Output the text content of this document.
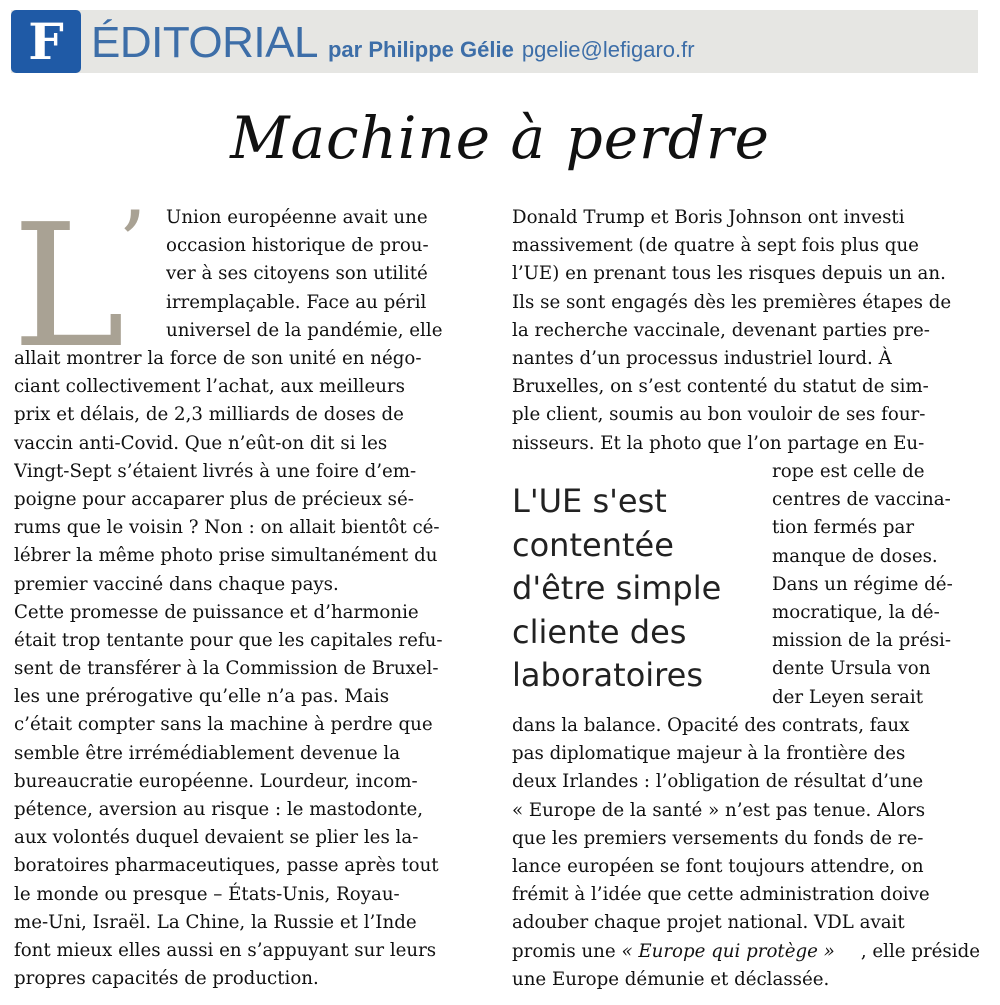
F ÉDITORIAL par Philippe Gélie pgelie@lefigaro.fr
Machine à perdre
L
’ Union européenne avait une
occasion historique de prou-
ver à ses citoyens son utilité
irremplaçable. Face au péril
universel de la pandémie, elle
allait montrer la force de son unité en négo-
ciant collectivement l’achat, aux meilleurs
prix et délais, de 2,3 milliards de doses de
vaccin anti-Covid. Que n’eût-on dit si les
Vingt-Sept s’étaient livrés à une foire d’em-
poigne pour accaparer plus de précieux sé-
rums que le voisin ? Non : on allait bientôt cé-
lébrer la même photo prise simultanément du
premier vacciné dans chaque pays.
Cette promesse de puissance et d’harmonie
était trop tentante pour que les capitales refu-
sent de transférer à la Commission de Bruxel-
les une prérogative qu’elle n’a pas. Mais
c’était compter sans la machine à perdre que
semble être irrémédiablement devenue la
bureaucratie européenne. Lourdeur, incom-
pétence, aversion au risque : le mastodonte,
aux volontés duquel devaient se plier les la-
boratoires pharmaceutiques, passe après tout
le monde ou presque – États-Unis, Royau-
me-Uni, Israël. La Chine, la Russie et l’Inde
font mieux elles aussi en s’appuyant sur leurs
propres capacités de production.
Donald Trump et Boris Johnson ont investi
massivement (de quatre à sept fois plus que
l’UE) en prenant tous les risques depuis un an.
Ils se sont engagés dès les premières étapes de
la recherche vaccinale, devenant parties pre-
nantes d’un processus industriel lourd. À
Bruxelles, on s’est contenté du statut de sim-
ple client, soumis au bon vouloir de ses four-
nisseurs. Et la photo que l’on partage en Eu-
rope est celle de
centres de vaccina-
tion fermés par
manque de doses.
Dans un régime dé-
mocratique, la dé-
mission de la prési-
dente Ursula von
der Leyen serait
dans la balance. Opacité des contrats, faux
pas diplomatique majeur à la frontière des
deux Irlandes : l’obligation de résultat d’une
« Europe de la santé » n’est pas tenue. Alors
que les premiers versements du fonds de re-
lance européen se font toujours attendre, on
frémit à l’idée que cette administration doive
adouber chaque projet national. VDL avait
promis une « Europe qui protège » , elle préside
une Europe démunie et déclassée.
L'UE s'est
contentée
d'être simple
cliente des
laboratoires
